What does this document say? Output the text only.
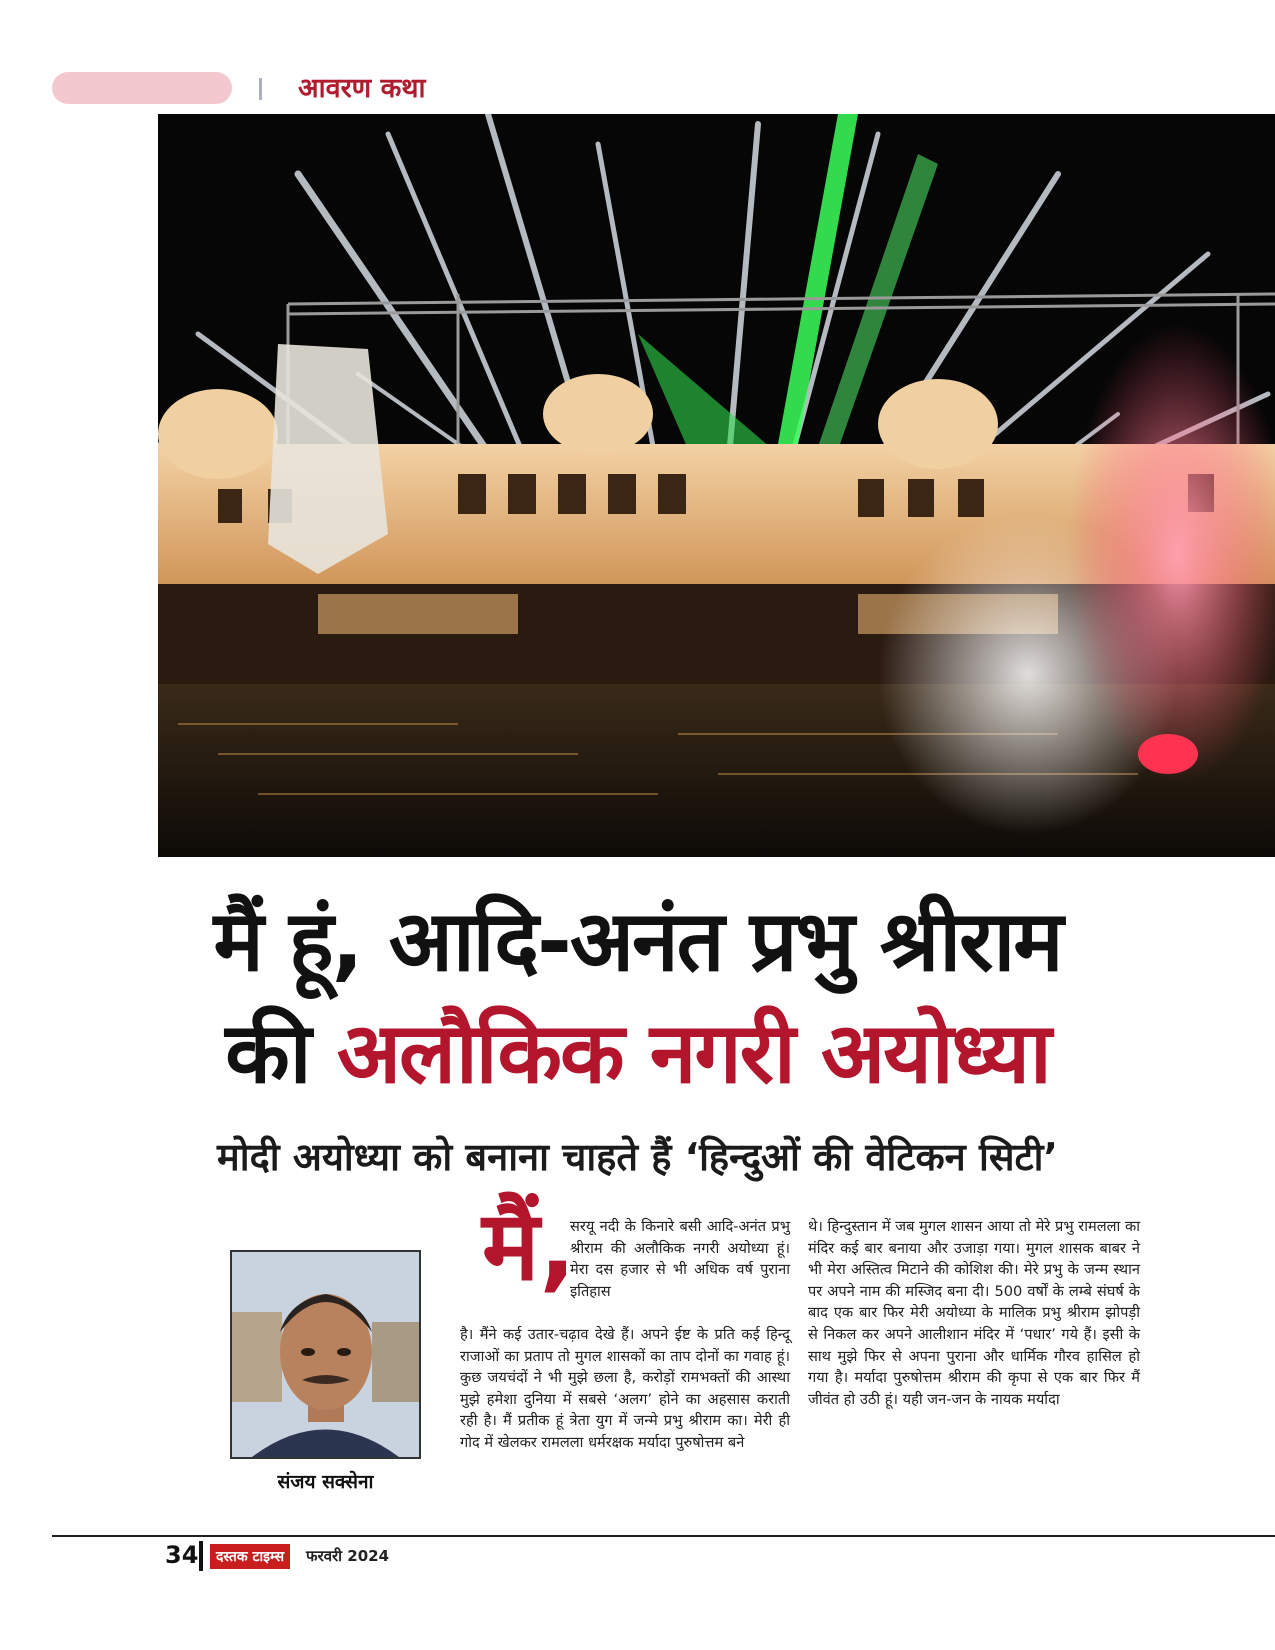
आवरण कथा
मैं हूं, आदि-अनंत प्रभु श्रीराम
की अलौकिक नगरी अयोध्या
मोदी अयोध्या को बनाना चाहते हैं ‘हिन्दुओं की वेटिकन सिटी’
संजय सक्सेना
मैं,

सरयू नदी के किनारे बसी आदि-अनंत प्रभु श्रीराम की अलौकिक नगरी अयोध्या हूं। मेरा दस हजार से भी अधिक वर्ष पुराना इतिहास

है। मैंने कई उतार-चढ़ाव देखे हैं। अपने ईष्ट के प्रति कई हिन्दू राजाओं का प्रताप तो मुगल शासकों का ताप दोनों का गवाह हूं। कुछ जयचंदों ने भी मुझे छला है, करोड़ों रामभक्तों की आस्था मुझे हमेशा दुनिया में सबसे ‘अलग’ होने का अहसास कराती रही है। मैं प्रतीक हूं त्रेता युग में जन्मे प्रभु श्रीराम का। मेरी ही गोद में खेलकर रामलला धर्मरक्षक मर्यादा पुरुषोत्तम बने

थे। हिन्दुस्तान में जब मुगल शासन आया तो मेरे प्रभु रामलला का मंदिर कई बार बनाया और उजाड़ा गया। मुगल शासक बाबर ने भी मेरा अस्तित्व मिटाने की कोशिश की। मेरे प्रभु के जन्म स्थान पर अपने नाम की मस्जिद बना दी। 500 वर्षों के लम्बे संघर्ष के बाद एक बार फिर मेरी अयोध्या के मालिक प्रभु श्रीराम झोपड़ी से निकल कर अपने आलीशान मंदिर में ‘पधार’ गये हैं। इसी के साथ मुझे फिर से अपना पुराना और धार्मिक गौरव हासिल हो गया है। मर्यादा पुरुषोत्तम श्रीराम की कृपा से एक बार फिर मैं जीवंत हो उठी हूं। यही जन-जन के नायक मर्यादा

34	दस्तक टाइम्स	फरवरी 2024
